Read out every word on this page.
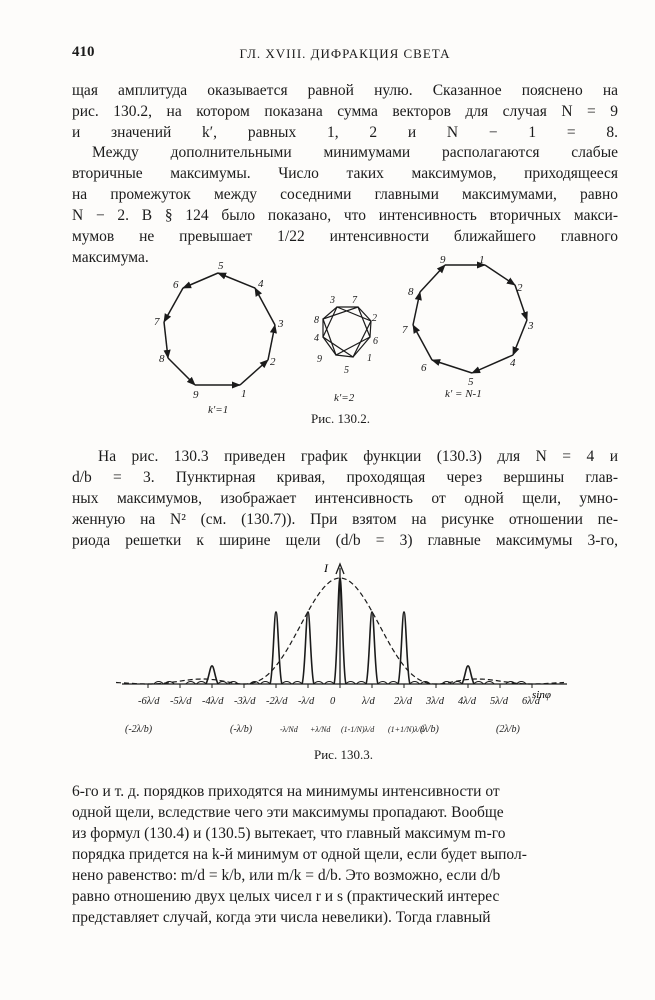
410	ГЛ. XVIII. ДИФРАКЦИЯ СВЕТА

щая амплитуда оказывается равной нулю. Сказанное пояснено на
рис. 130.2, на котором показана сумма векторов для случая N = 9
и значений k′, равных 1, 2 и N − 1 = 8.

Между дополнительными минимумами располагаются слабые
вторичные максимумы. Число таких максимумов, приходящееся
на промежуток между соседними главными максимумами, равно
N − 2. В § 124 было показано, что интенсивность вторичных макси-
мумов не превышает 1/22 интенсивности ближайшего главного
максимума.

1
2
3
4
5
6
7
8
9
k′=1
1
2
3
4
5
6
7
8
9
k′=2
1
2
3
4
5
6
7
8
9
k′ = N-1
Рис. 130.2.

На рис. 130.3 приведен график функции (130.3) для N = 4 и
d/b = 3. Пунктирная кривая, проходящая через вершины глав-
ных максимумов, изображает интенсивность от одной щели, умно-
женную на N² (см. (130.7)). При взятом на рисунке отношении пе-
риода решетки к ширине щели (d/b = 3) главные максимумы 3-го,

I
sinφ
-6λ/d -5λ/d -4λ/d -3λ/d -2λ/d -λ/d 0	λ/d 2λ/d 3λ/d 4λ/d 5λ/d 6λ/d
(-2λ/b)	(-λ/b)	-λ/Nd +λ/Nd (1-1/N)λ/d (1+1/N)λ/d
(λ/b)	(2λ/b)
Рис. 130.3.

6-го и т. д. порядков приходятся на минимумы интенсивности от
одной щели, вследствие чего эти максимумы пропадают. Вообще
из формул (130.4) и (130.5) вытекает, что главный максимум m-го
порядка придется на k-й минимум от одной щели, если будет выпол-
нено равенство: m/d = k/b, или m/k = d/b. Это возможно, если d/b
равно отношению двух целых чисел r и s (практический интерес
представляет случай, когда эти числа невелики). Тогда главный
